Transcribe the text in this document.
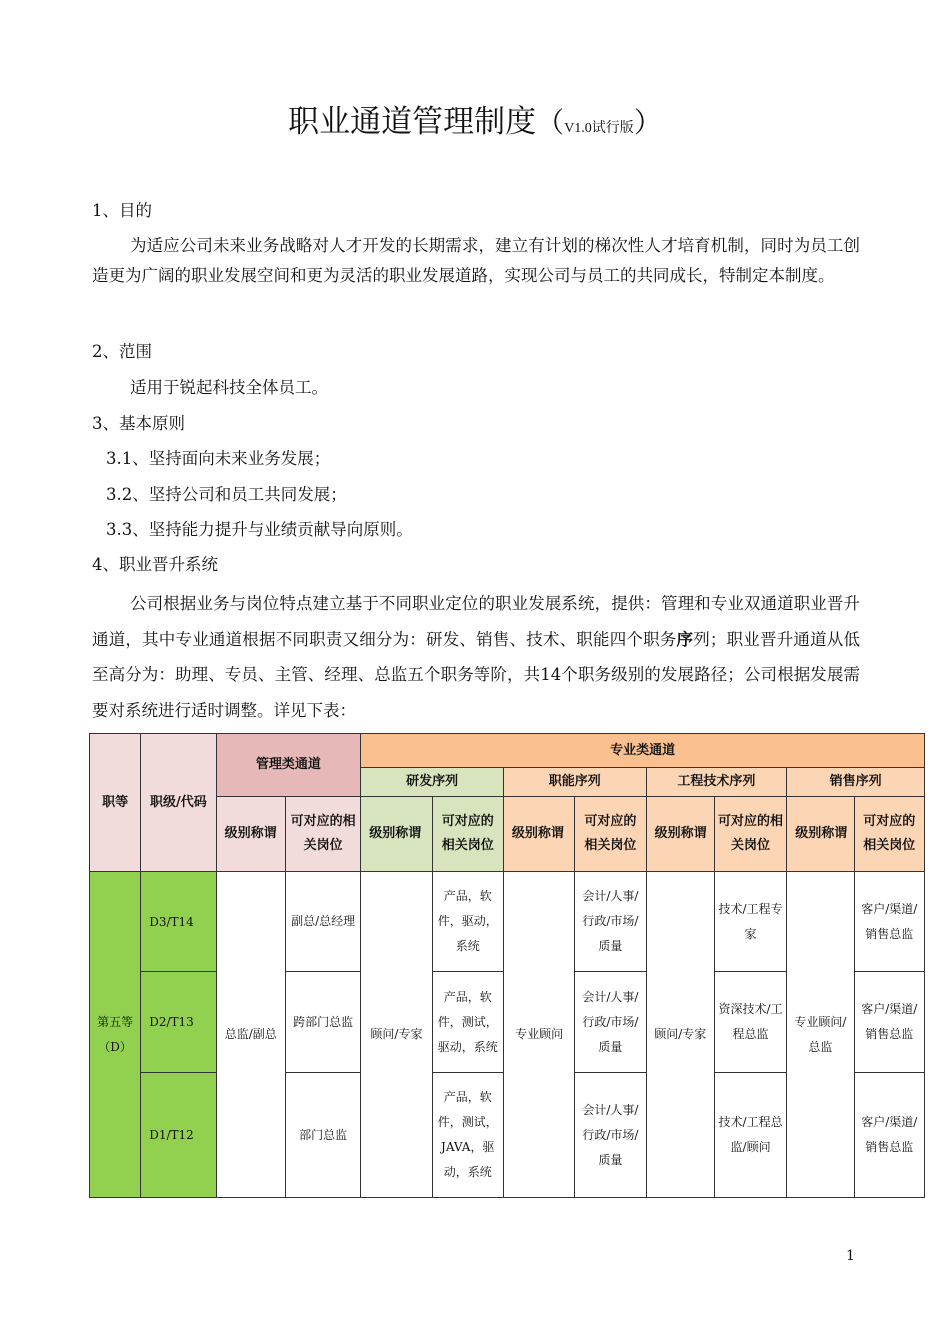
职业通道管理制度（V1.0试行版）

1、目的

为适应公司未来业务战略对人才开发的长期需求，建立有计划的梯次性人才培育机制，同时为员工创造更为广阔的职业发展空间和更为灵活的职业发展道路，实现公司与员工的共同成长，特制定本制度。

2、范围

适用于锐起科技全体员工。

3、基本原则

3.1、坚持面向未来业务发展；

3.2、坚持公司和员工共同发展；

3.3、坚持能力提升与业绩贡献导向原则。

4、职业晋升系统

公司根据业务与岗位特点建立基于不同职业定位的职业发展系统，提供：管理和专业双通道职业晋升通道，其中专业通道根据不同职责又细分为：研发、销售、技术、职能四个职务序列；职业晋升通道从低至高分为：助理、专员、主管、经理、总监五个职务等阶，共14个职务级别的发展路径；公司根据发展需要对系统进行适时调整。详见下表：

职等	职级/代码	管理类通道		专业类通道							
				研发序列		职能序列		工程技术序列		销售序列	
		级别称谓	可对应的相关岗位	级别称谓	可对应的相关岗位	级别称谓	可对应的相关岗位	级别称谓	可对应的相关岗位	级别称谓	可对应的相关岗位
第五等（D）	D3/T14	总监/副总	副总/总经理	顾问/专家	产品，软件，驱动，系统	专业顾问	会计/人事/行政/市场/质量	顾问/专家	技术/工程专家	专业顾问/总监	客户/渠道/销售总监
	D2/T13		跨部门总监		产品，软件，测试，驱动，系统		会计/人事/行政/市场/质量		资深技术/工程总监		客户/渠道/销售总监
	D1/T12		部门总监		产品，软件，测试，JAVA，驱动，系统		会计/人事/行政/市场/质量		技术/工程总监/顾问		客户/渠道/销售总监
1
